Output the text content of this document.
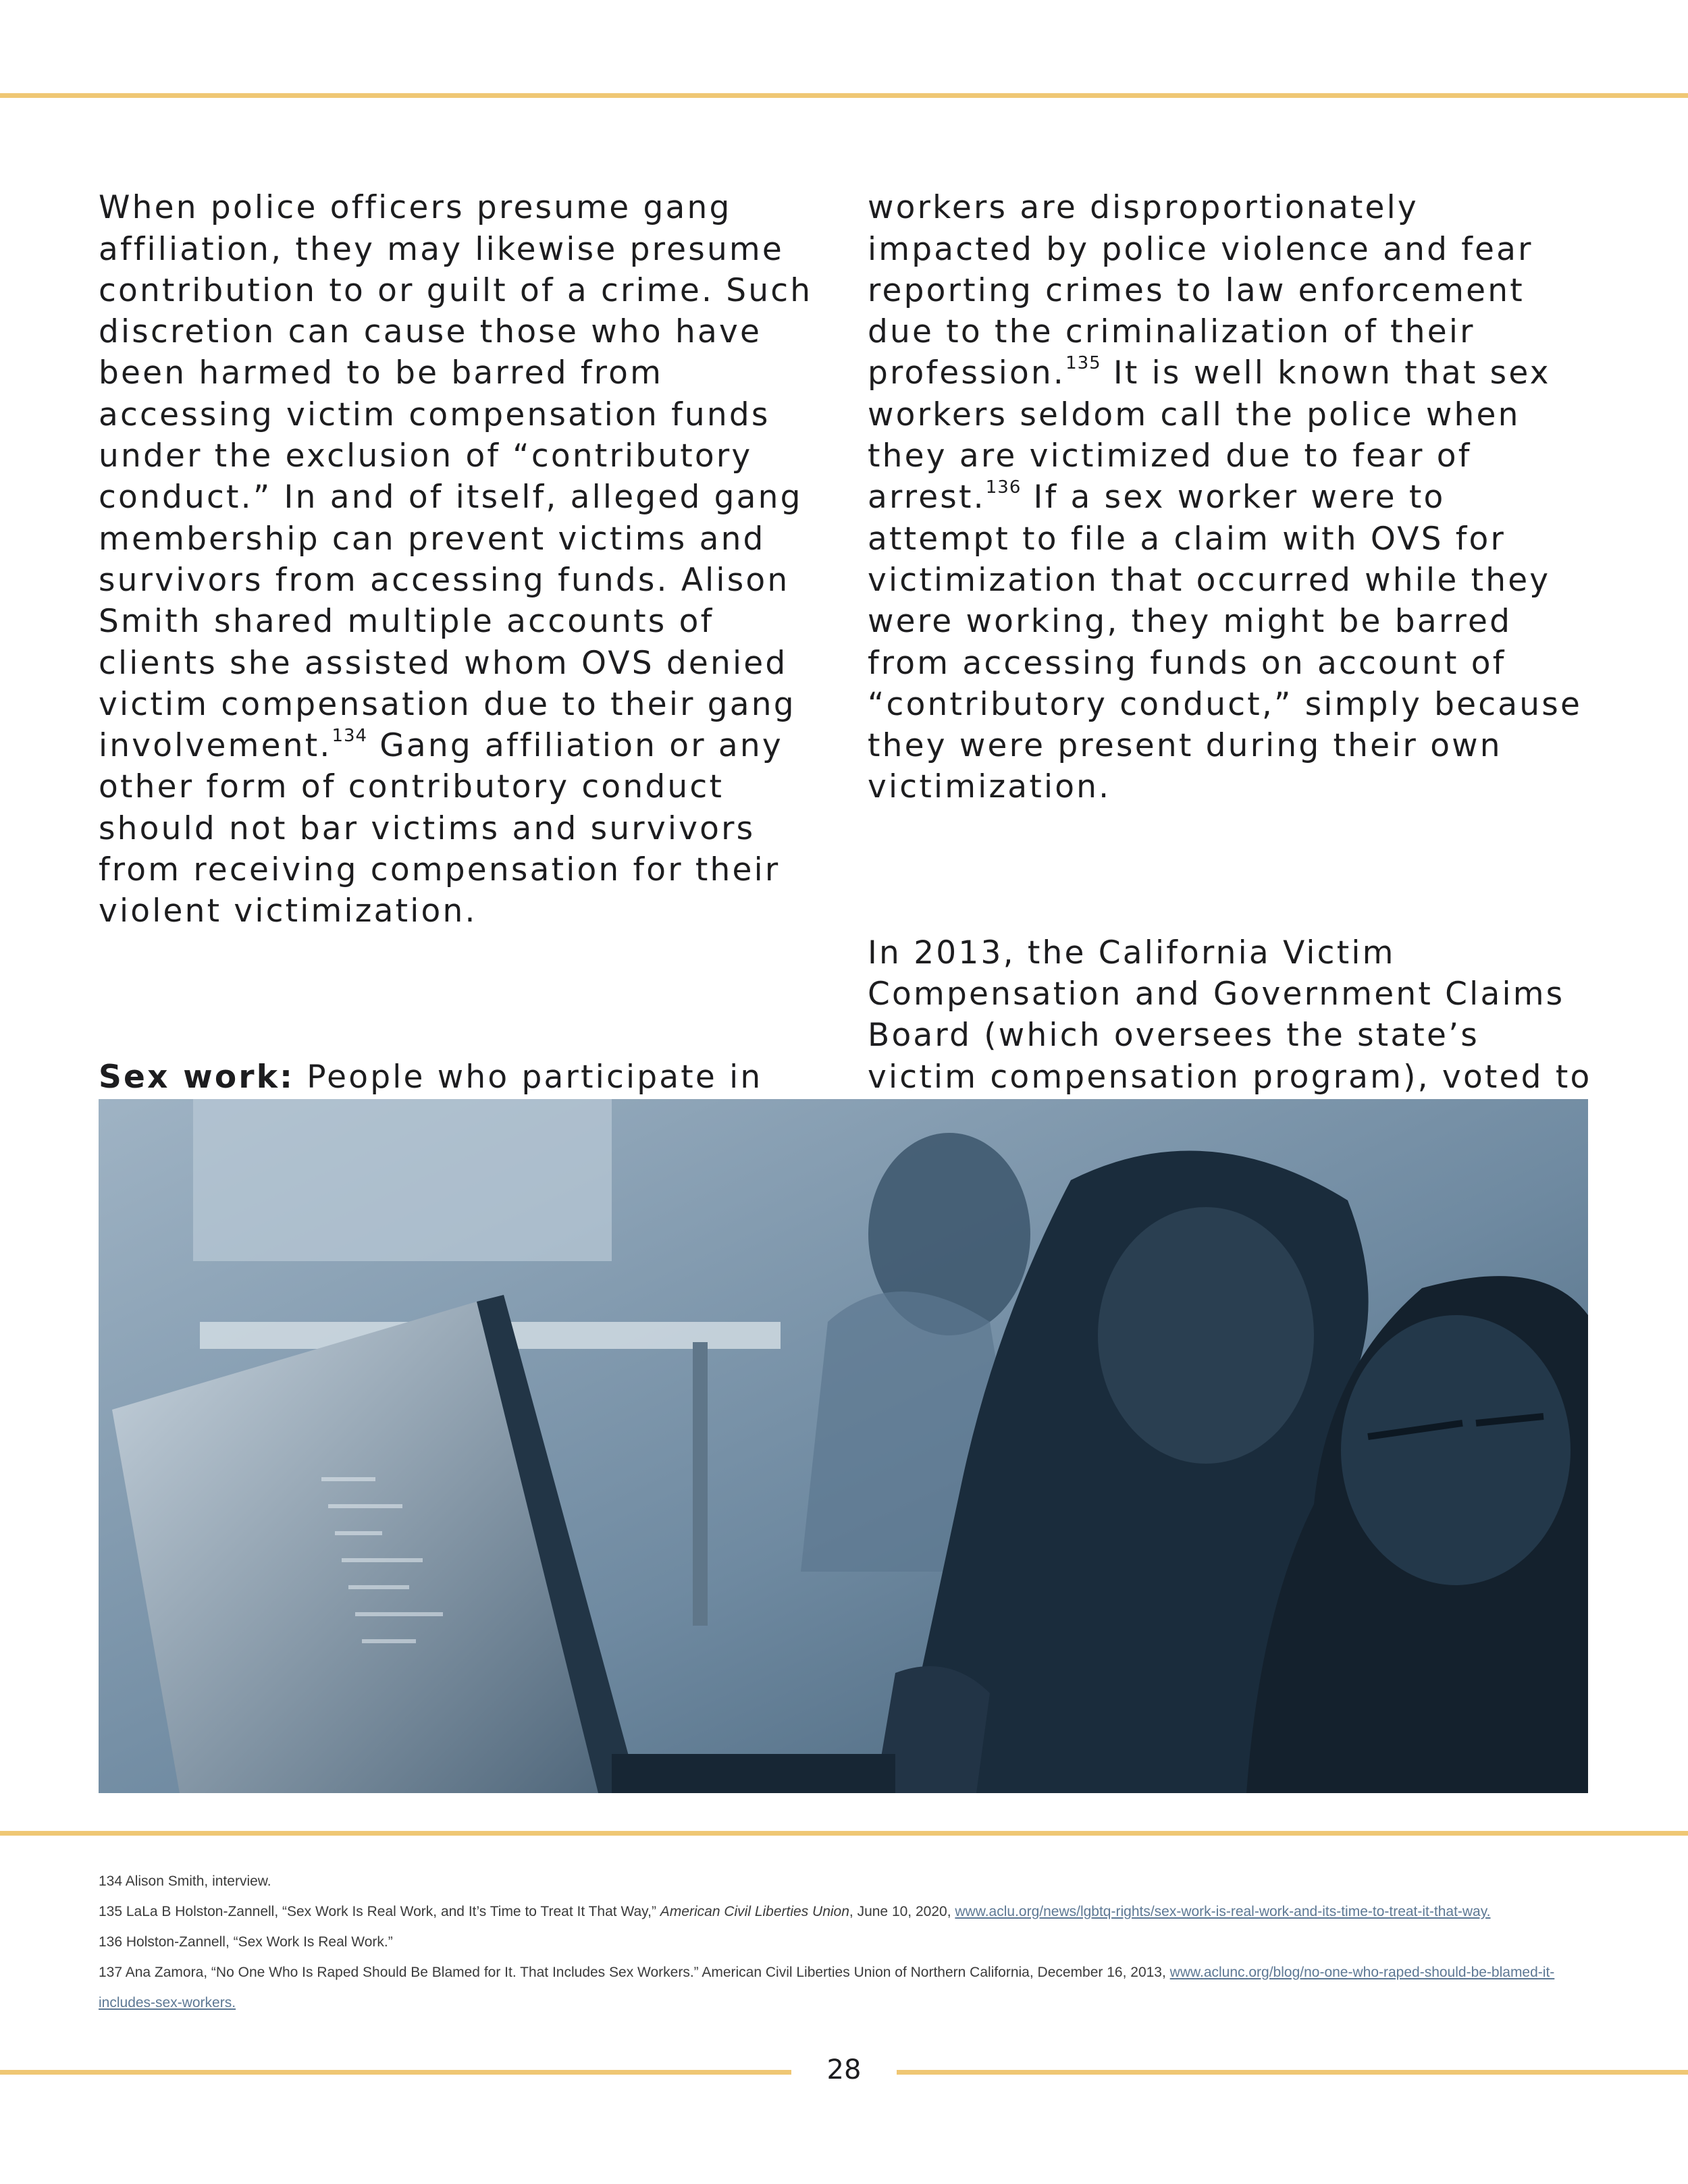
When police officers presume gang affiliation, they may likewise presume contribution to or guilt of a crime. Such discretion can cause those who have been harmed to be barred from accessing victim compensation funds under the exclusion of “contributory conduct.” In and of itself, alleged gang membership can prevent victims and survivors from accessing funds. Alison Smith shared multiple accounts of clients she assisted whom OVS denied victim compensation due to their gang involvement.$^{134}$ Gang affiliation or any other form of contributory conduct should not bar victims and survivors from receiving compensation for their violent victimization.

Sex work: People who participate in

workers are disproportionately impacted by police violence and fear reporting crimes to law enforcement due to the criminalization of their profession.$^{135}$ It is well known that sex workers seldom call the police when they are victimized due to fear of arrest.$^{136}$ If a sex worker were to attempt to file a claim with OVS for victimization that occurred while they were working, they might be barred from accessing funds on account of “contributory conduct,” simply because they were present during their own victimization.

In 2013, the California Victim Compensation and Government Claims Board (which oversees the state’s victim compensation program), voted to

134 Alison Smith, interview.

135 LaLa B Holston-Zannell, “Sex Work Is Real Work, and It’s Time to Treat It That Way,” American Civil Liberties Union, June 10, 2020, www.aclu.org/news/lgbtq-rights/sex-work-is-real-work-and-its-time-to-treat-it-that-way.

136 Holston-Zannell, “Sex Work Is Real Work.”

137 Ana Zamora, “No One Who Is Raped Should Be Blamed for It. That Includes Sex Workers.” American Civil Liberties Union of Northern California, December 16, 2013, www.aclunc.org/blog/no-one-who-raped-should-be-blamed-it-includes-sex-workers.

28
